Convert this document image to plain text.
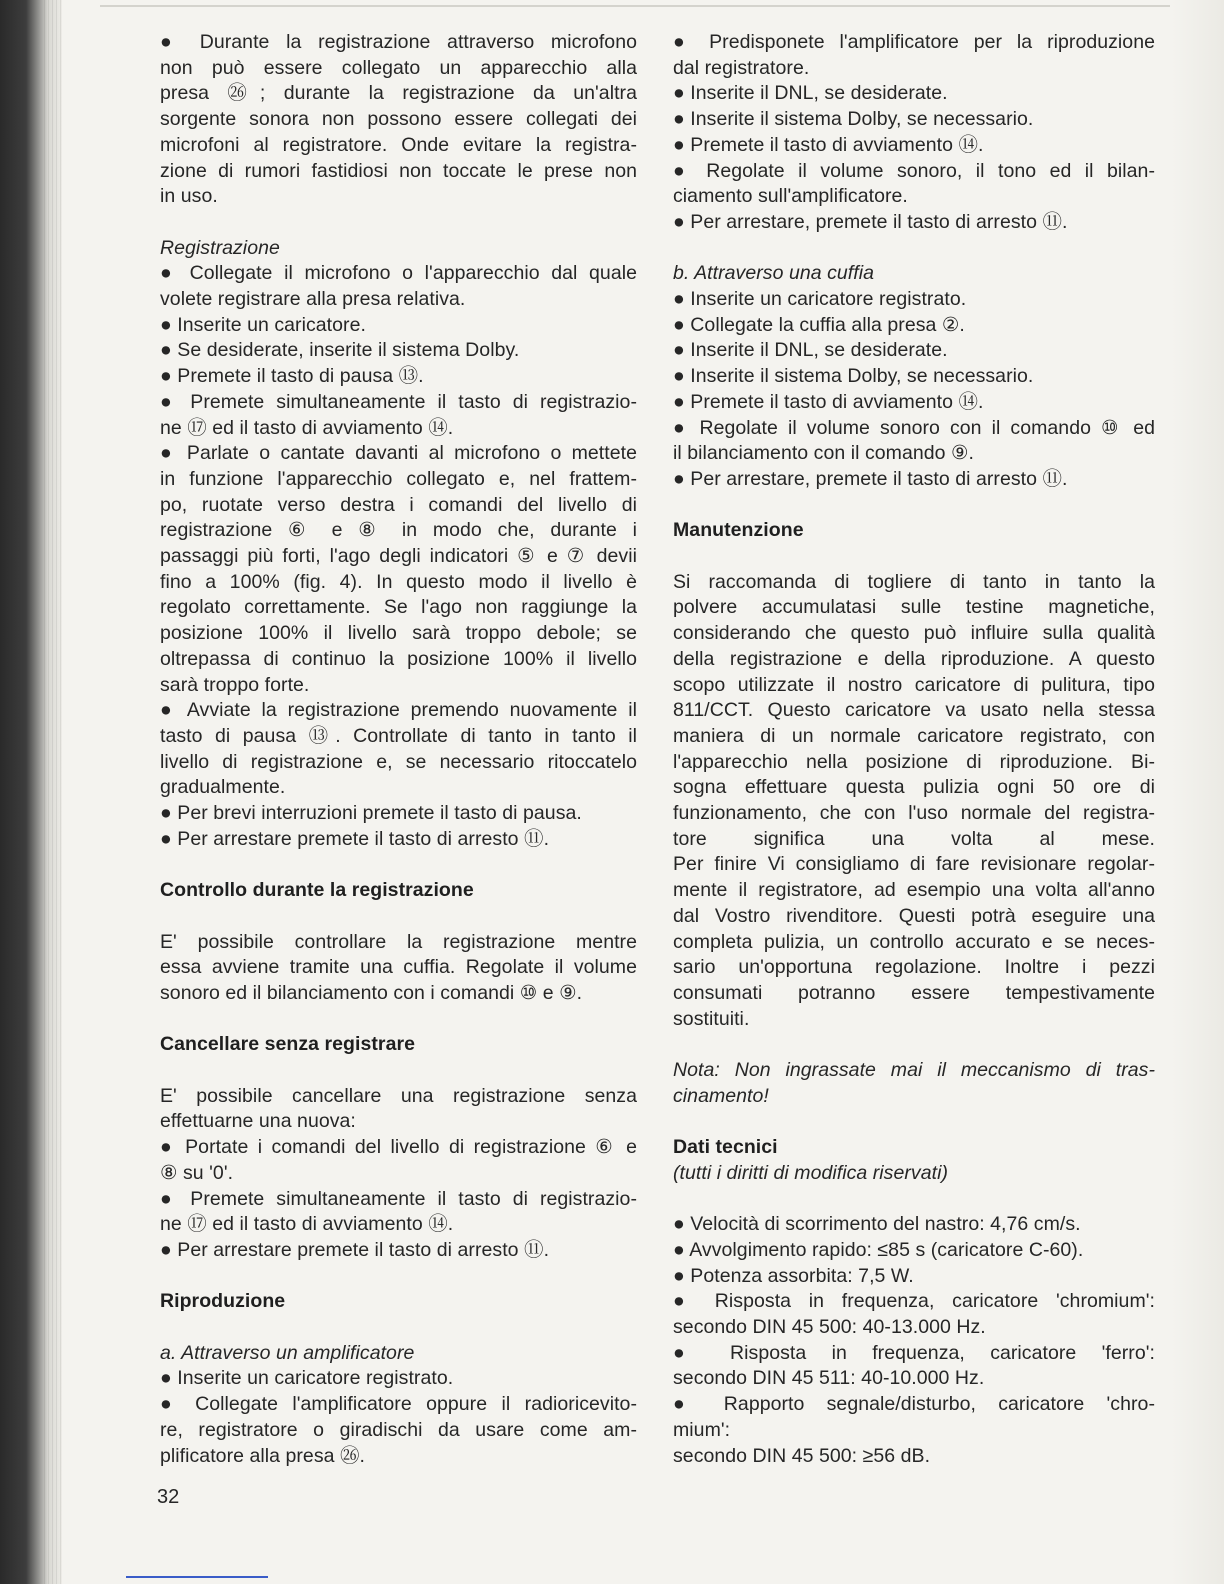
● Durante la registrazione attraverso microfono
non può essere collegato un apparecchio alla
presa ㉖; durante la registrazione da un'altra
sorgente sonora non possono essere collegati dei
microfoni al registratore. Onde evitare la registra-
zione di rumori fastidiosi non toccate le prese non
in uso.

Registrazione

● Collegate il microfono o l'apparecchio dal quale
volete registrare alla presa relativa.
● Inserite un caricatore.
● Se desiderate, inserite il sistema Dolby.
● Premete il tasto di pausa ⑬.
● Premete simultaneamente il tasto di registrazio-
ne ⑰ ed il tasto di avviamento ⑭.
● Parlate o cantate davanti al microfono o mettete
in funzione l'apparecchio collegato e, nel frattem-
po, ruotate verso destra i comandi del livello di
registrazione ⑥ e ⑧ in modo che, durante i
passaggi più forti, l'ago degli indicatori ⑤ e ⑦ devii
fino a 100% (fig. 4). In questo modo il livello è
regolato correttamente. Se l'ago non raggiunge la
posizione 100% il livello sarà troppo debole; se
oltrepassa di continuo la posizione 100% il livello
sarà troppo forte.
● Avviate la registrazione premendo nuovamente il
tasto di pausa ⑬. Controllate di tanto in tanto il
livello di registrazione e, se necessario ritoccatelo
gradualmente.
● Per brevi interruzioni premete il tasto di pausa.
● Per arrestare premete il tasto di arresto ⑪.

Controllo durante la registrazione

E' possibile controllare la registrazione mentre
essa avviene tramite una cuffia. Regolate il volume
sonoro ed il bilanciamento con i comandi ⑩ e ⑨.

Cancellare senza registrare

E' possibile cancellare una registrazione senza
effettuarne una nuova:
● Portate i comandi del livello di registrazione ⑥ e
⑧ su '0'.
● Premete simultaneamente il tasto di registrazio-
ne ⑰ ed il tasto di avviamento ⑭.
● Per arrestare premete il tasto di arresto ⑪.

Riproduzione

a. Attraverso un amplificatore

● Inserite un caricatore registrato.
● Collegate l'amplificatore oppure il radioricevito-
re, registratore o giradischi da usare come am-
plificatore alla presa ㉖.
● Predisponete l'amplificatore per la riproduzione
dal registratore.
● Inserite il DNL, se desiderate.
● Inserite il sistema Dolby, se necessario.
● Premete il tasto di avviamento ⑭.
● Regolate il volume sonoro, il tono ed il bilan-
ciamento sull'amplificatore.
● Per arrestare, premete il tasto di arresto ⑪.

b. Attraverso una cuffia

● Inserite un caricatore registrato.
● Collegate la cuffia alla presa ②.
● Inserite il DNL, se desiderate.
● Inserite il sistema Dolby, se necessario.
● Premete il tasto di avviamento ⑭.
● Regolate il volume sonoro con il comando ⑩ ed
il bilanciamento con il comando ⑨.
● Per arrestare, premete il tasto di arresto ⑪.

Manutenzione

Si raccomanda di togliere di tanto in tanto la
polvere accumulatasi sulle testine magnetiche,
considerando che questo può influire sulla qualità
della registrazione e della riproduzione. A questo
scopo utilizzate il nostro caricatore di pulitura, tipo
811/CCT. Questo caricatore va usato nella stessa
maniera di un normale caricatore registrato, con
l'apparecchio nella posizione di riproduzione. Bi-
sogna effettuare questa pulizia ogni 50 ore di
funzionamento, che con l'uso normale del registra-
tore significa una volta al mese.
Per finire Vi consigliamo di fare revisionare regolar-
mente il registratore, ad esempio una volta all'anno
dal Vostro rivenditore. Questi potrà eseguire una
completa pulizia, un controllo accurato e se neces-
sario un'opportuna regolazione. Inoltre i pezzi
consumati potranno essere tempestivamente
sostituiti.
Nota: Non ingrassate mai il meccanismo di tras-
cinamento!

Dati tecnici

(tutti i diritti di modifica riservati)

● Velocità di scorrimento del nastro: 4,76 cm/s.
● Avvolgimento rapido: ≤85 s (caricatore C-60).
● Potenza assorbita: 7,5 W.
● Risposta in frequenza, caricatore 'chromium':
secondo DIN 45 500: 40-13.000 Hz.
● Risposta in frequenza, caricatore 'ferro':
secondo DIN 45 511: 40-10.000 Hz.
● Rapporto segnale/disturbo, caricatore 'chro-
mium':
secondo DIN 45 500: ≥56 dB.
32
